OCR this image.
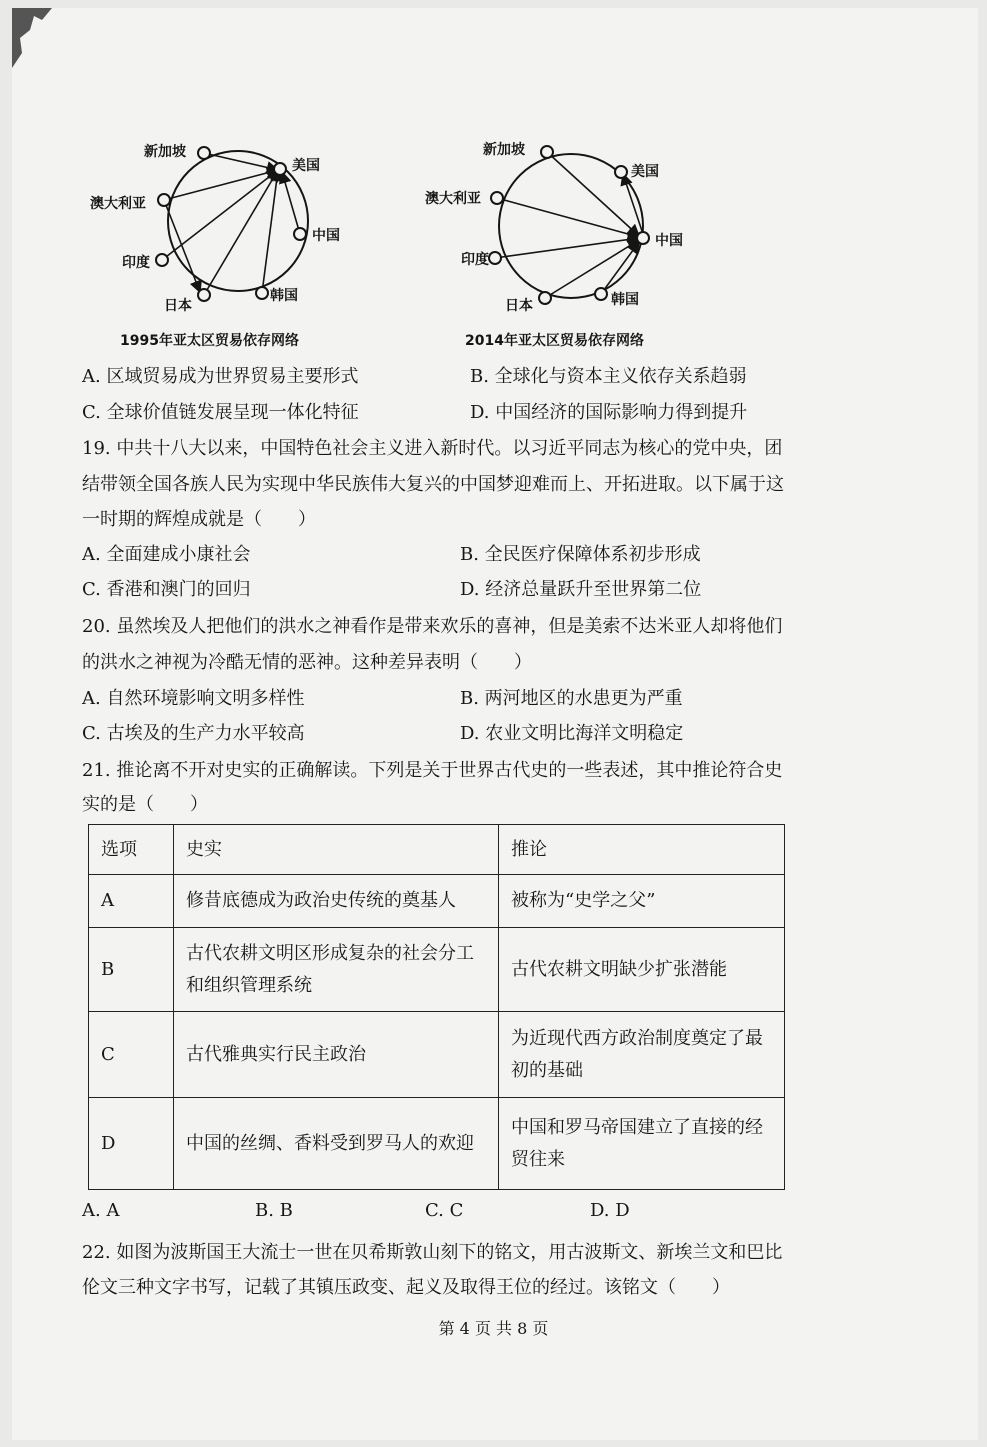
新加坡
美国
澳大利亚
中国
印度
日本
韩国
1995年亚太区贸易依存网络
新加坡
美国
澳大利亚
中国
印度
日本	韩国
2014年亚太区贸易依存网络
A. 区域贸易成为世界贸易主要形式	B. 全球化与资本主义依存关系趋弱
C. 全球价值链发展呈现一体化特征	D. 中国经济的国际影响力得到提升
19. 中共十八大以来，中国特色社会主义进入新时代。以习近平同志为核心的党中央，团
结带领全国各族人民为实现中华民族伟大复兴的中国梦迎难而上、开拓进取。以下属于这
一时期的辉煌成就是（　　）
A. 全面建成小康社会	B. 全民医疗保障体系初步形成
C. 香港和澳门的回归	D. 经济总量跃升至世界第二位
20. 虽然埃及人把他们的洪水之神看作是带来欢乐的喜神，但是美索不达米亚人却将他们
的洪水之神视为冷酷无情的恶神。这种差异表明（　　）
A. 自然环境影响文明多样性	B. 两河地区的水患更为严重
C. 古埃及的生产力水平较高	D. 农业文明比海洋文明稳定
21. 推论离不开对史实的正确解读。下列是关于世界古代史的一些表述，其中推论符合史
实的是（　　）
选项	史实	推论
A	修昔底德成为政治史传统的奠基人	被称为“史学之父”
B	古代农耕文明区形成复杂的社会分工和组织管理系统	古代农耕文明缺少扩张潜能
C	古代雅典实行民主政治	为近现代西方政治制度奠定了最初的基础
D	中国的丝绸、香料受到罗马人的欢迎	中国和罗马帝国建立了直接的经贸往来
A. A	B. B	C. C	D. D
22. 如图为波斯国王大流士一世在贝希斯敦山刻下的铭文，用古波斯文、新埃兰文和巴比
伦文三种文字书写，记载了其镇压政变、起义及取得王位的经过。该铭文（　　）
第 4 页 共 8 页
